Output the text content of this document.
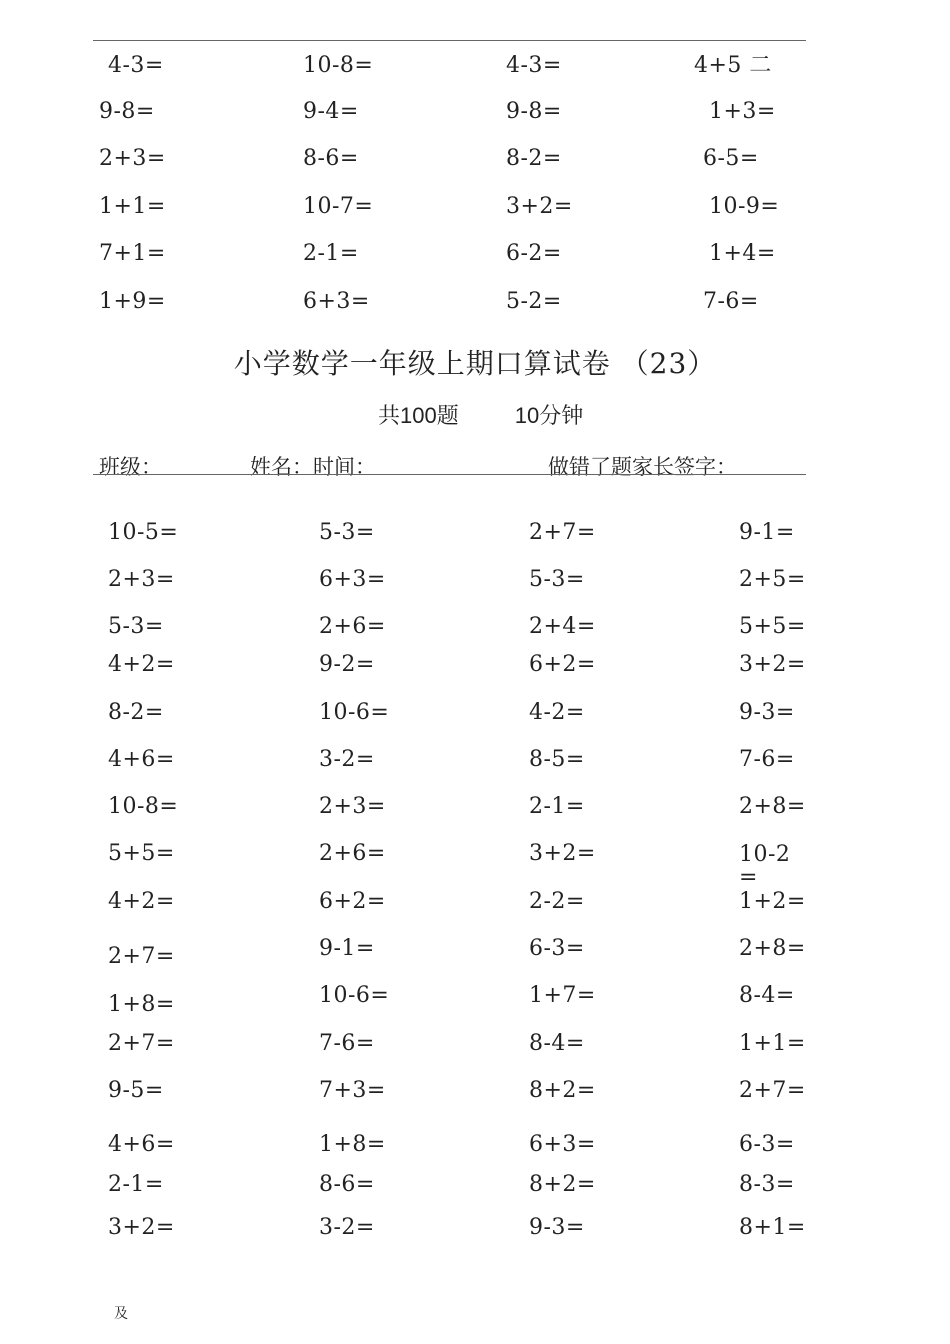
4-3=	10-8=	4-3=	4+5 二
9-8=	9-4=	9-8=	1+3=
2+3=	8-6=	8-2=	6-5=
1+1=	10-7=	3+2=	10-9=
7+1=	2-1=	6-2=	1+4=
1+9=	6+3=	5-2=	7-6=
小学数学一年级上期口算试卷 （23）
共100题	10分钟
班级：	姓名：时间：	做错了题家长签字：
10-5=	5-3=	2+7=	9-1=
2+3=	6+3=	5-3=	2+5=
5-3=	2+6=	2+4=	5+5=
4+2=	9-2=	6+2=	3+2=
8-2=	10-6=	4-2=	9-3=
4+6=	3-2=	8-5=	7-6=
10-8=	2+3=	2-1=	2+8=
5+5=	2+6=	3+2=	10-2
=
4+2=	6+2=	2-2=	1+2=
2+7=	9-1=	6-3=	2+8=
1+8=	10-6=	1+7=	8-4=
2+7=	7-6=	8-4=	1+1=
9-5=	7+3=	8+2=	2+7=
4+6=	1+8=	6+3=	6-3=
2-1=	8-6=	8+2=	8-3=
3+2=	3-2=	9-3=	8+1=
及
